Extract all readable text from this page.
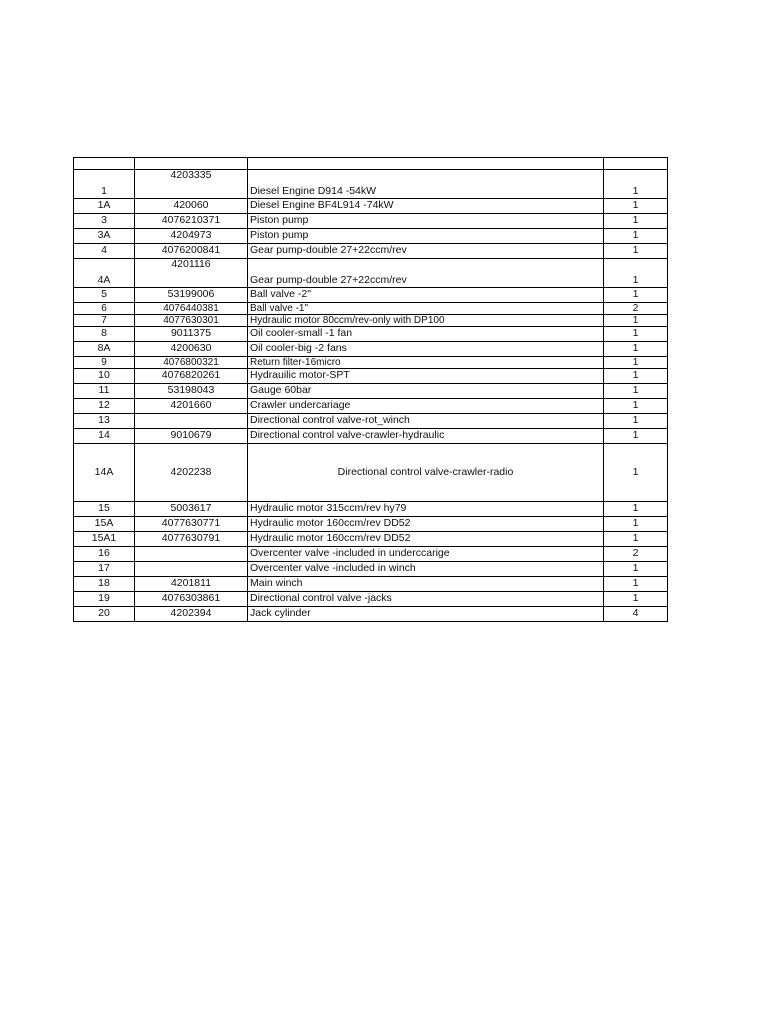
1	4203335	Diesel Engine D914 -54kW	1
1A	420060	Diesel Engine BF4L914 -74kW	1
3	4076210371	Piston pump	1
3A	4204973	Piston pump	1
4	4076200841	Gear pump-double 27+22ccm/rev	1
4A	4201116	Gear pump-double 27+22ccm/rev	1
5	53199006	Ball valve -2"	1
6	4076440381	Ball valve -1"	2
7	4077630301	Hydraulic motor 80ccm/rev-only with DP100	1
8	9011375	Oil cooler-small -1 fan	1
8A	4200630	Oil cooler-big -2 fans	1
9	4076800321	Return filter-16micro	1
10	4076820261	Hydrauilic motor-SPT	1
11	53198043	Gauge 60bar	1
12	4201660	Crawler undercariage	1
13		Directional control valve-rot_winch	1
14	9010679	Directional control valve-crawler-hydraulic	1
14A	4202238	Directional control valve-crawler-radio	1
15	5003617	Hydraulic motor 315ccm/rev hy79	1
15A	4077630771	Hydraulic motor 160ccm/rev DD52	1
15A1	4077630791	Hydraulic motor 160ccm/rev DD52	1
16		Overcenter valve -included in underccarige	2
17		Overcenter valve -included in winch	1
18	4201811	Main winch	1
19	4076303861	Directional control valve -jacks	1
20	4202394	Jack cylinder	4
